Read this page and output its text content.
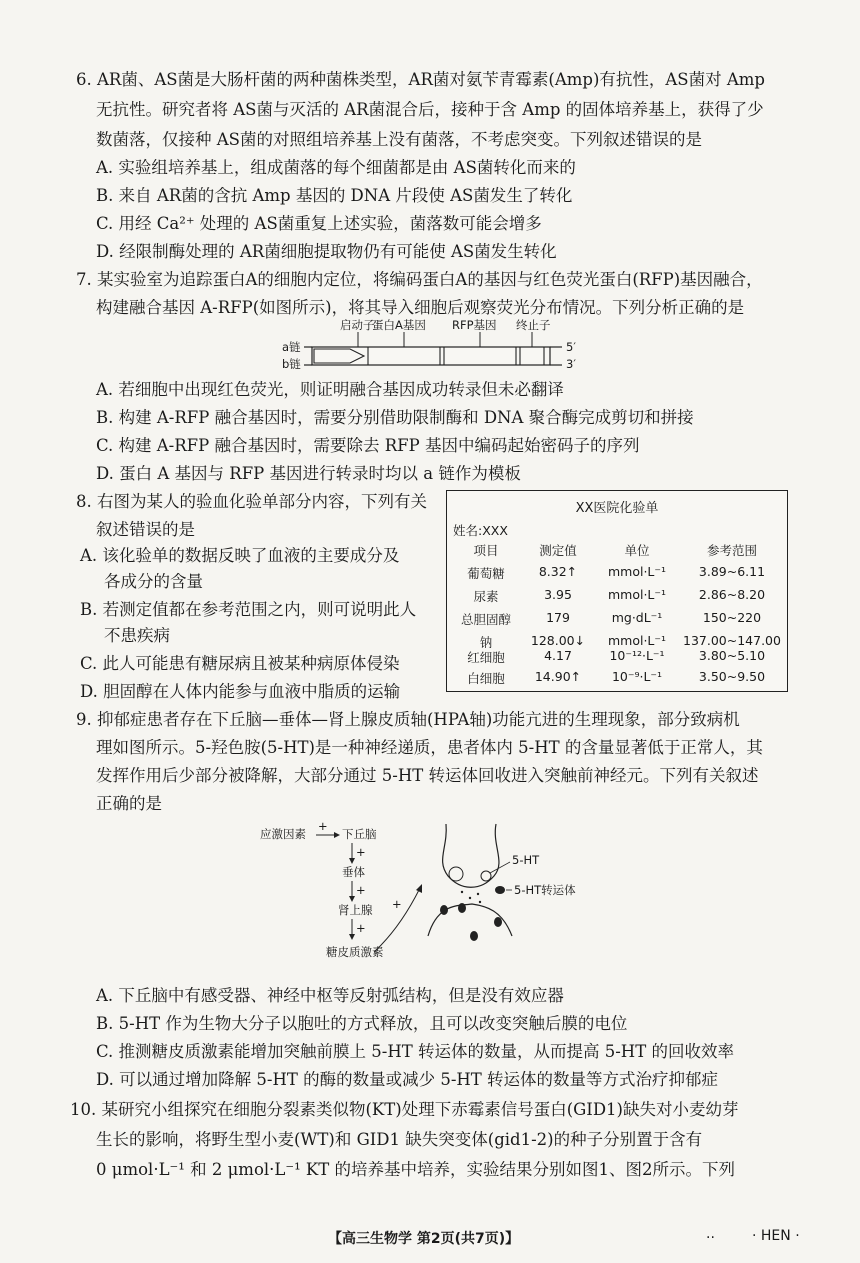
6. AR菌、AS菌是大肠杆菌的两种菌株类型，AR菌对氨苄青霉素(Amp)有抗性，AS菌对 Amp
无抗性。研究者将 AS菌与灭活的 AR菌混合后，接种于含 Amp 的固体培养基上，获得了少
数菌落，仅接种 AS菌的对照组培养基上没有菌落，不考虑突变。下列叙述错误的是
A. 实验组培养基上，组成菌落的每个细菌都是由 AS菌转化而来的
B. 来自 AR菌的含抗 Amp 基因的 DNA 片段使 AS菌发生了转化
C. 用经 Ca²⁺ 处理的 AS菌重复上述实验，菌落数可能会增多
D. 经限制酶处理的 AR菌细胞提取物仍有可能使 AS菌发生转化
7. 某实验室为追踪蛋白A的细胞内定位，将编码蛋白A的基因与红色荧光蛋白(RFP)基因融合，
构建融合基因 A-RFP(如图所示)，将其导入细胞后观察荧光分布情况。下列分析正确的是
启动子
蛋白A基因 RFP基因 终止子
a链
b链
5′
3′
A. 若细胞中出现红色荧光，则证明融合基因成功转录但未必翻译
B. 构建 A-RFP 融合基因时，需要分别借助限制酶和 DNA 聚合酶完成剪切和拼接
C. 构建 A-RFP 融合基因时，需要除去 RFP 基因中编码起始密码子的序列
D. 蛋白 A 基因与 RFP 基因进行转录时均以 a 链作为模板
8. 右图为某人的验血化验单部分内容，下列有关
叙述错误的是
A. 该化验单的数据反映了血液的主要成分及
各成分的含量
B. 若测定值都在参考范围之内，则可说明此人
不患疾病
C. 此人可能患有糖尿病且被某种病原体侵染
D. 胆固醇在人体内能参与血液中脂质的运输
XX医院化验单
姓名:XXX
项目	测定值	单位	参考范围
葡萄糖	8.32↑	mmol·L⁻¹	3.89~6.11
尿素	3.95	mmol·L⁻¹	2.86~8.20
总胆固醇	179	mg·dL⁻¹	150~220
钠	128.00↓	mmol·L⁻¹	137.00~147.00
红细胞	4.17	10⁻¹²·L⁻¹	3.80~5.10
白细胞	14.90↑	10⁻⁹·L⁻¹	3.50~9.50
9. 抑郁症患者存在下丘脑—垂体—肾上腺皮质轴(HPA轴)功能亢进的生理现象，部分致病机
理如图所示。5-羟色胺(5-HT)是一种神经递质，患者体内 5-HT 的含量显著低于正常人，其
发挥作用后少部分被降解，大部分通过 5-HT 转运体回收进入突触前神经元。下列有关叙述
正确的是
应激因素
+
下丘脑
+
垂体
+
肾上腺
+
糖皮质激素
+
5-HT
5-HT转运体
A. 下丘脑中有感受器、神经中枢等反射弧结构，但是没有效应器
B. 5-HT 作为生物大分子以胞吐的方式释放，且可以改变突触后膜的电位
C. 推测糖皮质激素能增加突触前膜上 5-HT 转运体的数量，从而提高 5-HT 的回收效率
D. 可以通过增加降解 5-HT 的酶的数量或减少 5-HT 转运体的数量等方式治疗抑郁症
10. 某研究小组探究在细胞分裂素类似物(KT)处理下赤霉素信号蛋白(GID1)缺失对小麦幼芽
生长的影响，将野生型小麦(WT)和 GID1 缺失突变体(gid1-2)的种子分别置于含有
0 μmol·L⁻¹ 和 2 μmol·L⁻¹ KT 的培养基中培养，实验结果分别如图1、图2所示。下列
【高三生物学 第2页(共7页)】	..	· HEN ·
